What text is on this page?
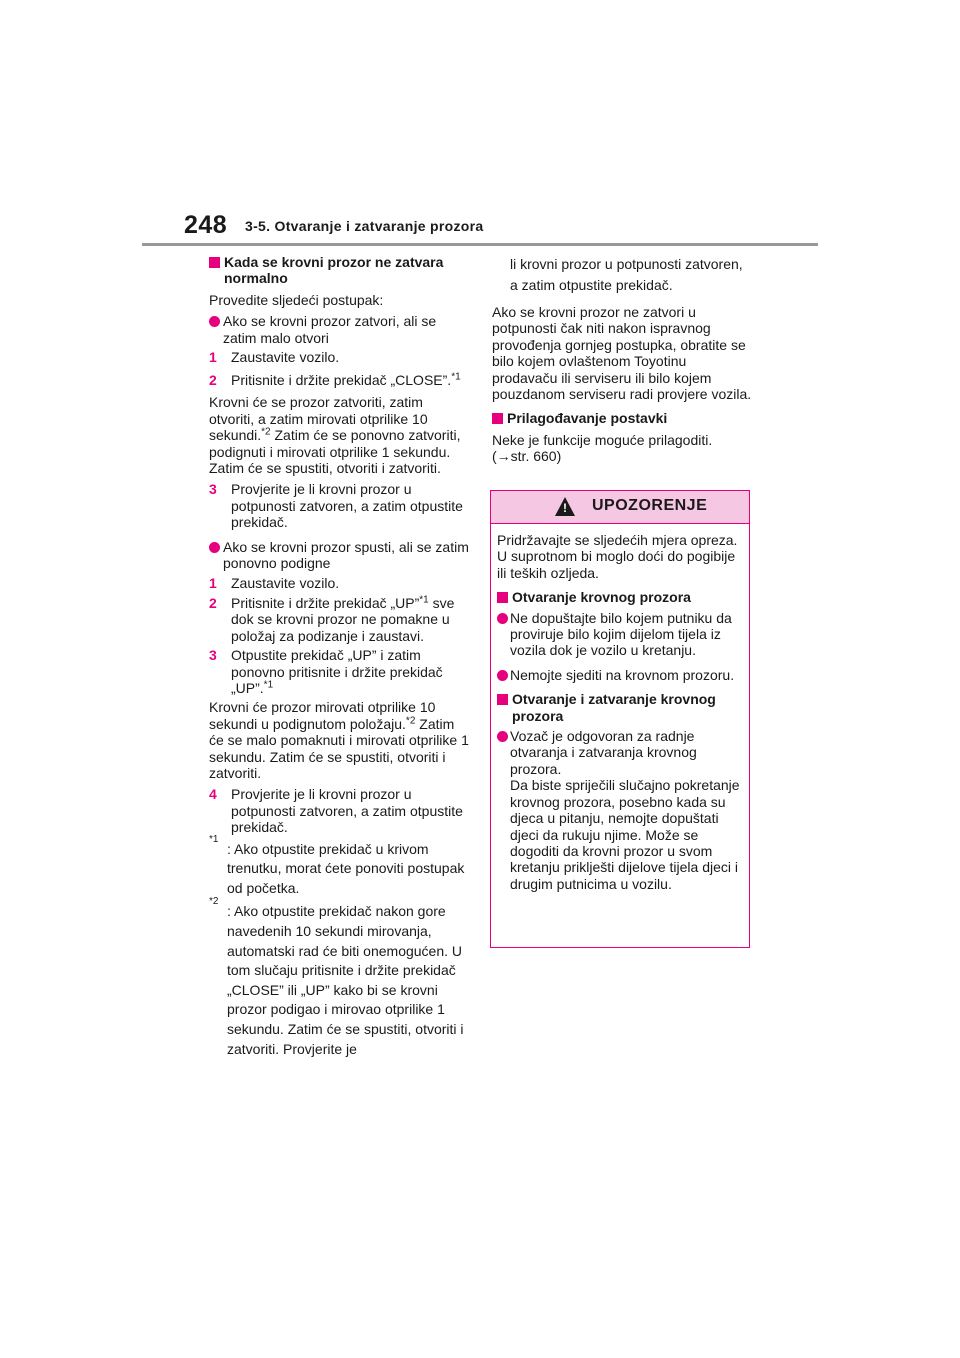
248 3-5. Otvaranje i zatvaranje prozora
Kada se krovni prozor ne zatvara normalno
Provedite sljedeći postupak:
Ako se krovni prozor zatvori, ali se zatim malo otvori
1 Zaustavite vozilo.
2 Pritisnite i držite prekidač „CLOSE”.$^{*1}$
Krovni će se prozor zatvoriti, zatim otvoriti, a zatim mirovati otprilike 10 sekundi.$^{*2}$ Zatim će se ponovno zatvoriti, podignuti i mirovati otprilike 1 sekundu. Zatim će se spustiti, otvoriti i zatvoriti.
3 Provjerite je li krovni prozor u potpunosti zatvoren, a zatim otpustite prekidač.
Ako se krovni prozor spusti, ali se zatim ponovno podigne
1 Zaustavite vozilo.
2 Pritisnite i držite prekidač „UP”$^{*1}$ sve dok se krovni prozor ne pomakne u položaj za podizanje i zaustavi.
3 Otpustite prekidač „UP” i zatim ponovno pritisnite i držite prekidač „UP”.$^{*1}$
Krovni će prozor mirovati otprilike 10 sekundi u podignutom položaju.$^{*2}$ Zatim će se malo pomaknuti i mirovati otprilike 1 sekundu. Zatim će se spustiti, otvoriti i zatvoriti.
4 Provjerite je li krovni prozor u potpunosti zatvoren, a zatim otpustite prekidač.
*1
: Ako otpustite prekidač u krivom trenutku, morat ćete ponoviti postupak od početka.
*2
: Ako otpustite prekidač nakon gore navedenih 10 sekundi mirovanja, automatski rad će biti onemogućen. U tom slučaju pritisnite i držite prekidač „CLOSE” ili „UP” kako bi se krovni prozor podigao i mirovao otprilike 1 sekundu. Zatim će se spustiti, otvoriti i zatvoriti. Provjerite je
li krovni prozor u potpunosti zatvoren, a zatim otpustite prekidač.
Ako se krovni prozor ne zatvori u potpunosti čak niti nakon ispravnog provođenja gornjeg postupka, obratite se bilo kojem ovlaštenom Toyotinu prodavaču ili serviseru ili bilo kojem pouzdanom serviseru radi provjere vozila.
Prilagođavanje postavki
Neke je funkcije moguće prilagoditi. (→str. 660)
! UPOZORENJE
Pridržavajte se sljedećih mjera opreza.
U suprotnom bi moglo doći do pogibije ili teških ozljeda.
Otvaranje krovnog prozora
Ne dopuštajte bilo kojem putniku da proviruje bilo kojim dijelom tijela iz vozila dok je vozilo u kretanju.
Nemojte sjediti na krovnom prozoru.
Otvaranje i zatvaranje krovnog prozora
Vozač je odgovoran za radnje otvaranja i zatvaranja krovnog prozora.
Da biste spriječili slučajno pokretanje krovnog prozora, posebno kada su djeca u pitanju, nemojte dopuštati djeci da rukuju njime. Može se dogoditi da krovni prozor u svom kretanju priklješti dijelove tijela djeci i drugim putnicima u vozilu.
